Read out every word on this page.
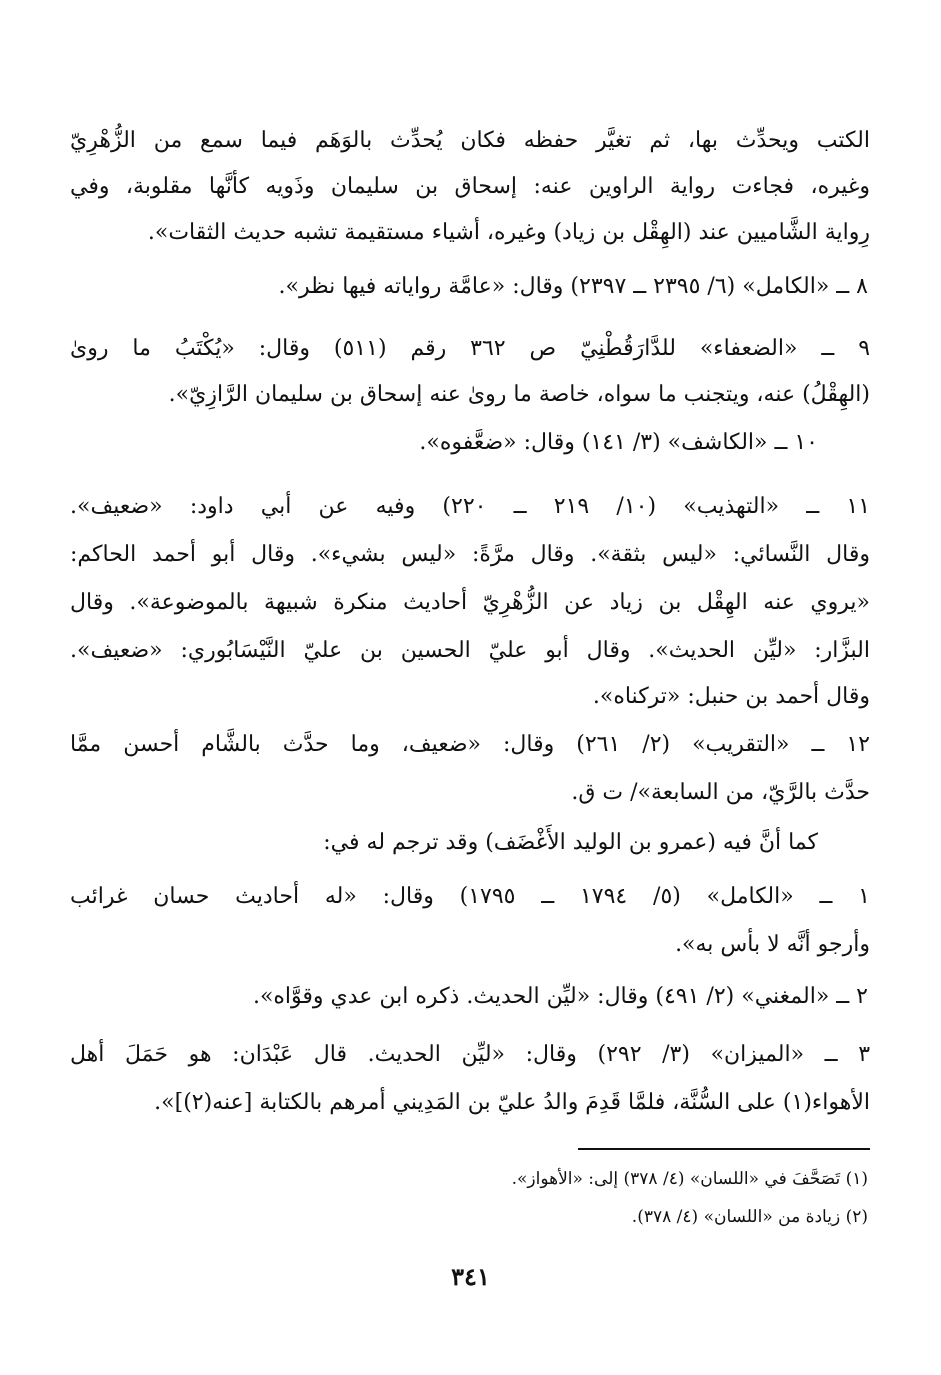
الكتب ويحدِّث بها، ثم تغيَّر حفظه فكان يُحدِّث بالوَهَم فيما سمع من الزُّهْرِيّ
وغيره، فجاءت رواية الراوين عنه: إسحاق بن سليمان وذَويه كأنَّها مقلوبة، وفي
رِواية الشَّاميين عند (الهِقْل بن زياد) وغيره، أشياء مستقيمة تشبه حديث الثقات».
٨ ــ «الكامل» (٦/ ٢٣٩٥ ــ ٢٣٩٧) وقال: «عامَّة رواياته فيها نظر».
٩ ــ «الضعفاء» للدَّارَقُطْنِيّ ص ٣٦٢ رقم (٥١١) وقال: «يُكْتَبُ ما روىٰ
(الهِقْلُ) عنه، ويتجنب ما سواه، خاصة ما روىٰ عنه إسحاق بن سليمان الرَّازِيّ».
١٠ ــ «الكاشف» (٣/ ١٤١) وقال: «ضعَّفوه».
١١ ــ «التهذيب» (١٠/ ٢١٩ ــ ٢٢٠) وفيه عن أبي داود: «ضعيف».
وقال النَّسائي: «ليس بثقة». وقال مرَّةً: «ليس بشيء». وقال أبو أحمد الحاكم:
«يروي عنه الهِقْل بن زياد عن الزُّهْرِيّ أحاديث منكرة شبيهة بالموضوعة». وقال
البزَّار: «ليِّن الحديث». وقال أبو عليّ الحسين بن عليّ النَّيْسَابُوري: «ضعيف».
وقال أحمد بن حنبل: «تركناه».
١٢ ــ «التقريب» (٢/ ٢٦١) وقال: «ضعيف، وما حدَّث بالشَّام أحسن ممَّا
حدَّث بالرَّيّ، من السابعة»/ ت ق.
كما أنَّ فيه (عمرو بن الوليد الأَغْضَف) وقد ترجم له في:
١ ــ «الكامل» (٥/ ١٧٩٤ ــ ١٧٩٥) وقال: «له أحاديث حسان غرائب
وأرجو أنَّه لا بأس به».
٢ ــ «المغني» (٢/ ٤٩١) وقال: «ليِّن الحديث. ذكره ابن عدي وقوَّاه».
٣ ــ «الميزان» (٣/ ٢٩٢) وقال: «ليِّن الحديث. قال عَبْدَان: هو حَمَلَ أهل
الأهواء(١) على السُّنَّة، فلمَّا قَدِمَ والدُ عليّ بن المَدِيني أمرهم بالكتابة [عنه(٢)]».
(١) تَصَحَّفَ في «اللسان» (٤/ ٣٧٨) إلى: «الأهواز».
(٢) زيادة من «اللسان» (٤/ ٣٧٨).
٣٤١
